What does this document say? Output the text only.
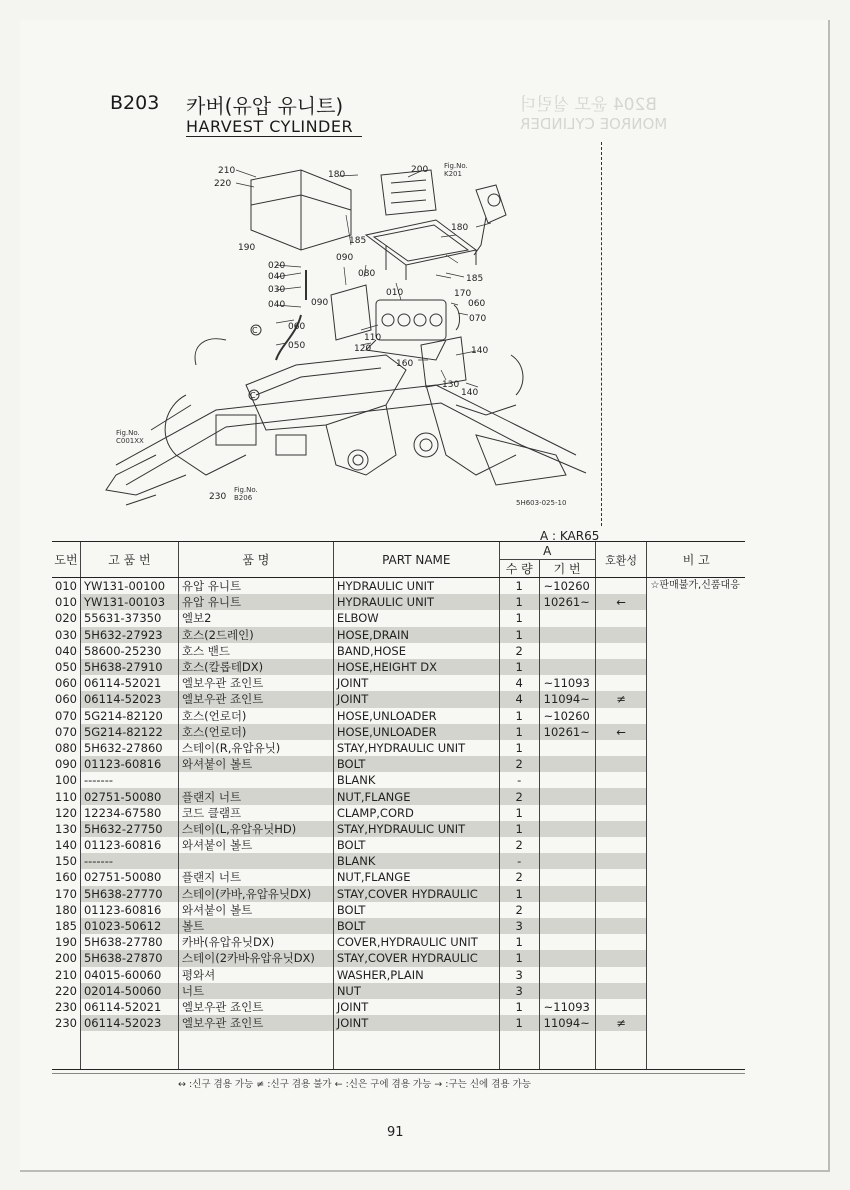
B204 윤모 실린더
MONROE CYLINDER
B203 카버(유압 유니트)
HARVEST CYLINDER
210
220
180	200
190
185
020
040
030
040
090
080
010
090
185
170
060
070
060
050
110
120
160
140
130
140
180
230
C
C
Fig.No.
K201
Fig.No.
C001XX
Fig.No.
B206
5H603-025-10
A : KAR65
도번	고 품 번	품 명	PART NAME	A		호환성	비 고
				수 량	기 번		
010	YW131-00100	유압 유니트	HYDRAULIC UNIT	1	~10260		☆판매불가,신품대응
010	YW131-00103	유압 유니트	HYDRAULIC UNIT	1	10261~	←	
020	55631-37350	엘보2	ELBOW	1			
030	5H632-27923	호스(2드레인)	HOSE,DRAIN	1			
040	58600-25230	호스 밴드	BAND,HOSE	2			
050	5H638-27910	호스(칼롭테DX)	HOSE,HEIGHT DX	1			
060	06114-52021	엘보우관 죠인트	JOINT	4	~11093		
060	06114-52023	엘보우관 죠인트	JOINT	4	11094~	≠	
070	5G214-82120	호스(언로더)	HOSE,UNLOADER	1	~10260		
070	5G214-82122	호스(언로더)	HOSE,UNLOADER	1	10261~	←	
080	5H632-27860	스테이(R,유압유닛)	STAY,HYDRAULIC UNIT	1			
090	01123-60816	와셔붙이 볼트	BOLT	2			
100	-------		BLANK	-			
110	02751-50080	플랜지 너트	NUT,FLANGE	2			
120	12234-67580	코드 클램프	CLAMP,CORD	1			
130	5H632-27750	스테이(L,유압유닛HD)	STAY,HYDRAULIC UNIT	1			
140	01123-60816	와셔붙이 볼트	BOLT	2			
150	-------		BLANK	-			
160	02751-50080	플랜지 너트	NUT,FLANGE	2			
170	5H638-27770	스테이(카바,유압유닛DX)	STAY,COVER HYDRAULIC	1			
180	01123-60816	와셔붙이 볼트	BOLT	2			
185	01023-50612	볼트	BOLT	3			
190	5H638-27780	카바(유압유닛DX)	COVER,HYDRAULIC UNIT	1			
200	5H638-27870	스테이(2카바유압유닛DX)	STAY,COVER HYDRAULIC	1			
210	04015-60060	평와셔	WASHER,PLAIN	3			
220	02014-50060	너트	NUT	3			
230	06114-52021	엘보우관 죠인트	JOINT	1	~11093		
230	06114-52023	엘보우관 죠인트	JOINT	1	11094~	≠	

↔ :신구 겸용 가능 ≠ :신구 겸용 불가 ← :신은 구에 겸용 가능 → :구는 신에 겸용 가능
91
